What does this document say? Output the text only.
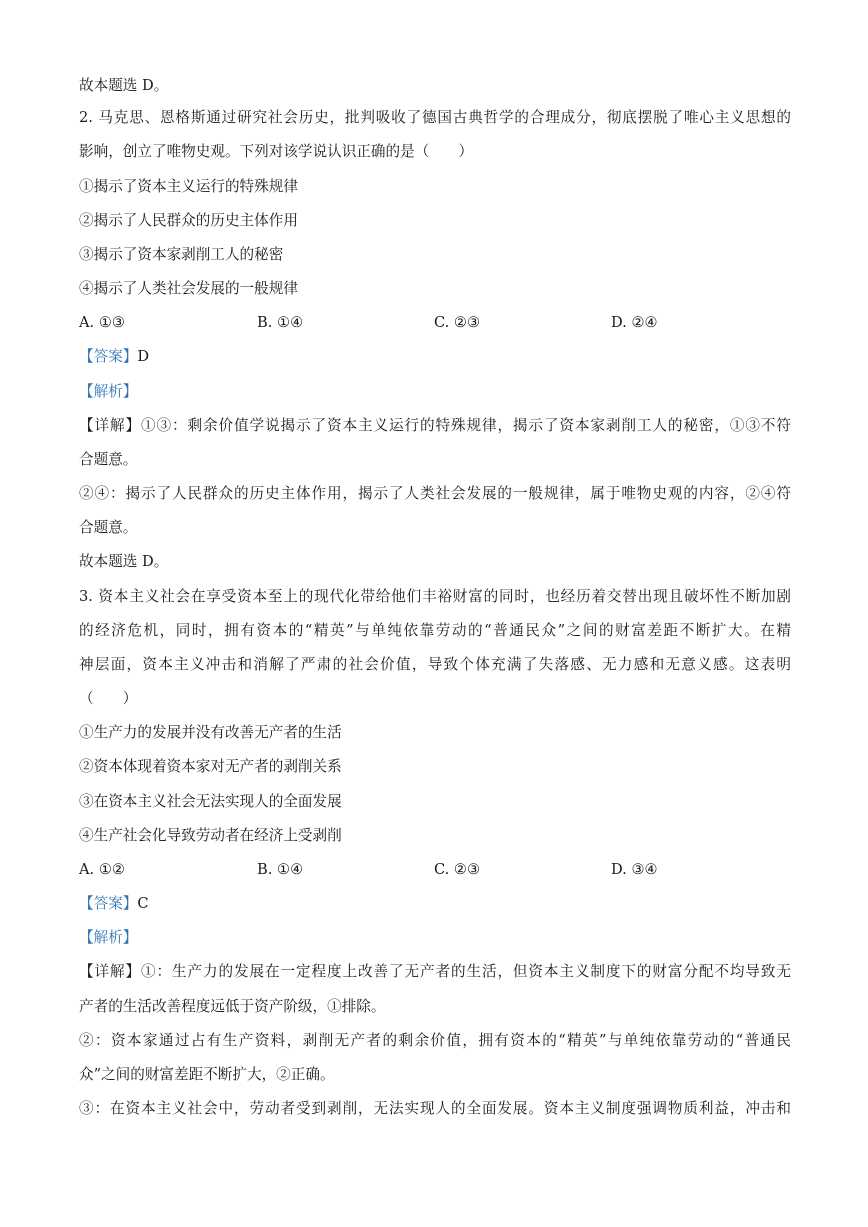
故本题选 D。
2. 马克思、恩格斯通过研究社会历史，批判吸收了德国古典哲学的合理成分，彻底摆脱了唯心主义思想的
影响，创立了唯物史观。下列对该学说认识正确的是（　　）
①揭示了资本主义运行的特殊规律
②揭示了人民群众的历史主体作用
③揭示了资本家剥削工人的秘密
④揭示了人类社会发展的一般规律
A. ①③	B. ①④	C. ②③	D. ②④
【答案】D
【解析】
【详解】①③：剩余价值学说揭示了资本主义运行的特殊规律，揭示了资本家剥削工人的秘密，①③不符
合题意。
②④：揭示了人民群众的历史主体作用，揭示了人类社会发展的一般规律，属于唯物史观的内容，②④符
合题意。
故本题选 D。
3. 资本主义社会在享受资本至上的现代化带给他们丰裕财富的同时，也经历着交替出现且破坏性不断加剧
的经济危机，同时，拥有资本的“精英”与单纯依靠劳动的“普通民众”之间的财富差距不断扩大。在精
神层面，资本主义冲击和消解了严肃的社会价值，导致个体充满了失落感、无力感和无意义感。这表明
（　　）
①生产力的发展并没有改善无产者的生活
②资本体现着资本家对无产者的剥削关系
③在资本主义社会无法实现人的全面发展
④生产社会化导致劳动者在经济上受剥削
A. ①②	B. ①④	C. ②③	D. ③④
【答案】C
【解析】
【详解】①：生产力的发展在一定程度上改善了无产者的生活，但资本主义制度下的财富分配不均导致无
产者的生活改善程度远低于资产阶级，①排除。
②：资本家通过占有生产资料，剥削无产者的剩余价值，拥有资本的“精英”与单纯依靠劳动的“普通民
众”之间的财富差距不断扩大，②正确。
③：在资本主义社会中，劳动者受到剥削，无法实现人的全面发展。资本主义制度强调物质利益，冲击和
